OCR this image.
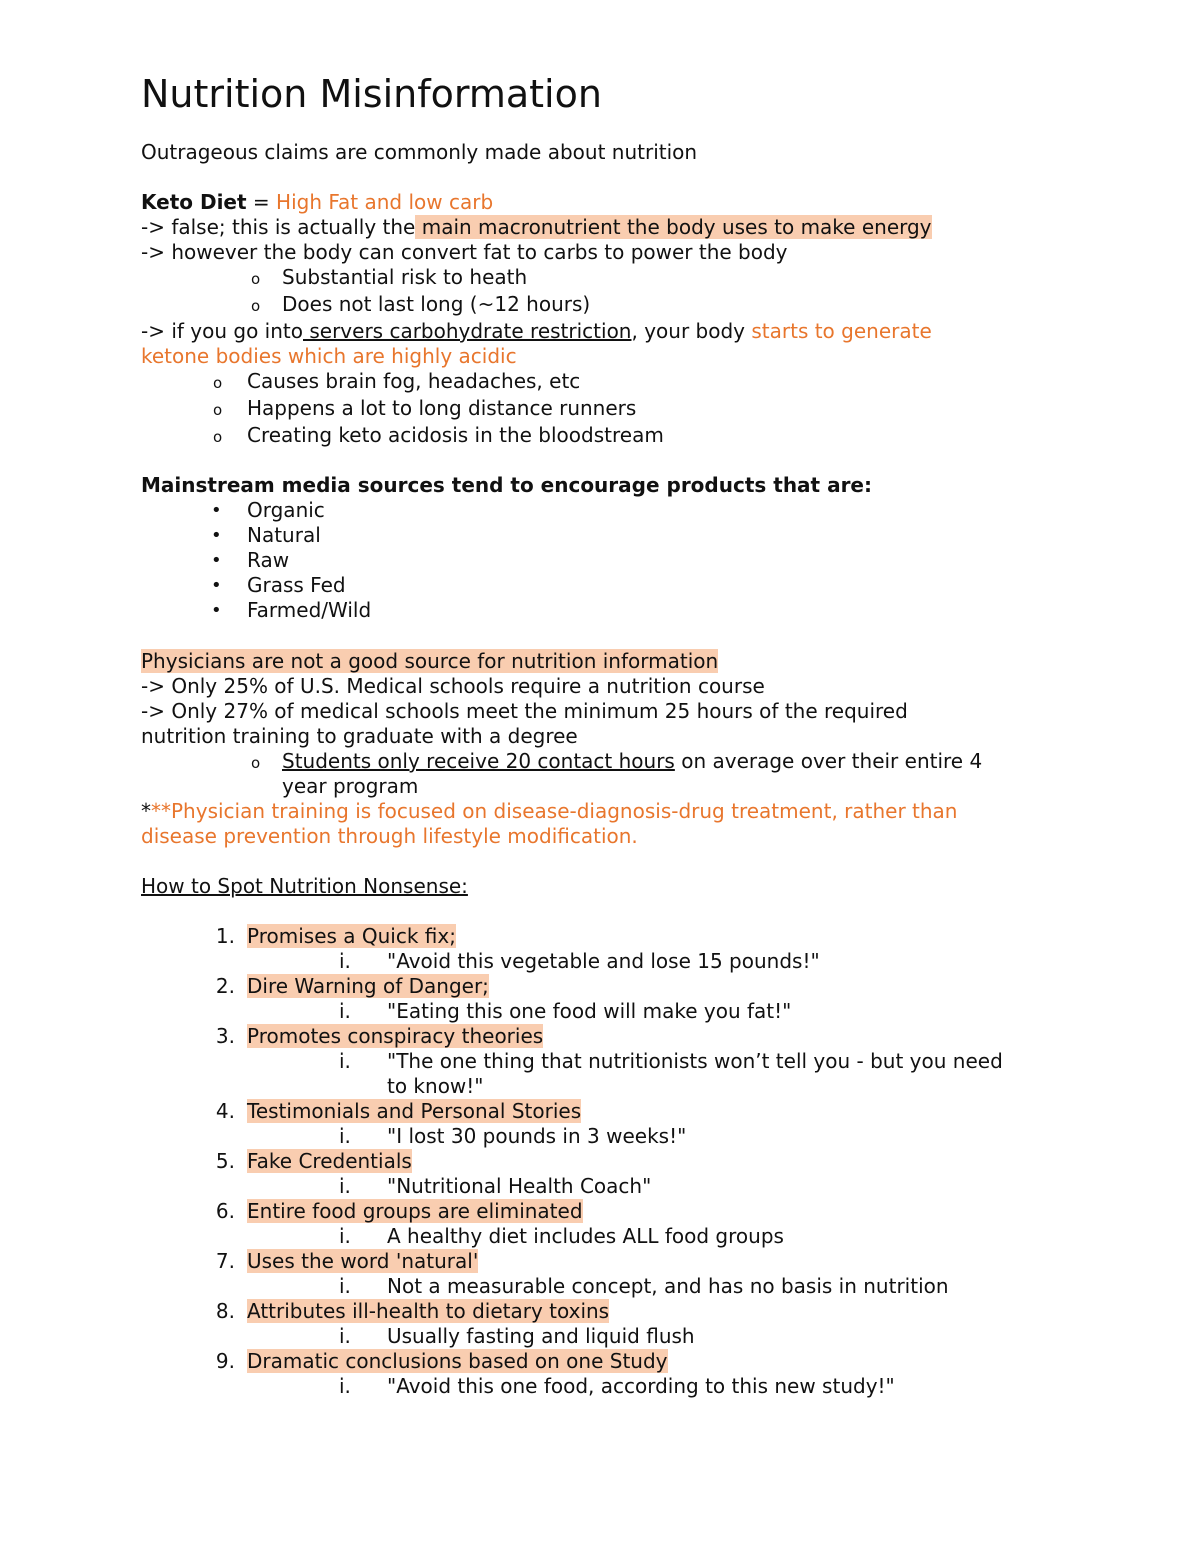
Nutrition Misinformation
Outrageous claims are commonly made about nutrition
Keto Diet = High Fat and low carb
-> false; this is actually the main macronutrient the body uses to make energy
-> however the body can convert fat to carbs to power the body
o Substantial risk to heath
o Does not last long (~12 hours)
-> if you go into servers carbohydrate restriction, your body starts to generate
ketone bodies which are highly acidic
o Causes brain fog, headaches, etc
o Happens a lot to long distance runners
o Creating keto acidosis in the bloodstream
Mainstream media sources tend to encourage products that are:
• Organic
• Natural
• Raw
• Grass Fed
• Farmed/Wild
Physicians are not a good source for nutrition information
-> Only 25% of U.S. Medical schools require a nutrition course
-> Only 27% of medical schools meet the minimum 25 hours of the required
nutrition training to graduate with a degree
o Students only receive 20 contact hours on average over their entire 4
year program
***Physician training is focused on disease-diagnosis-drug treatment, rather than
disease prevention through lifestyle modification.
How to Spot Nutrition Nonsense:
1. Promises a Quick fix;
i. "Avoid this vegetable and lose 15 pounds!"
2. Dire Warning of Danger;
i. "Eating this one food will make you fat!"
3. Promotes conspiracy theories
i. "The one thing that nutritionists won’t tell you - but you need
to know!"
4. Testimonials and Personal Stories
i. "I lost 30 pounds in 3 weeks!"
5. Fake Credentials
i. "Nutritional Health Coach"
6. Entire food groups are eliminated
i. A healthy diet includes ALL food groups
7. Uses the word 'natural'
i. Not a measurable concept, and has no basis in nutrition
8. Attributes ill-health to dietary toxins
i. Usually fasting and liquid flush
9. Dramatic conclusions based on one Study
i. "Avoid this one food, according to this new study!"
